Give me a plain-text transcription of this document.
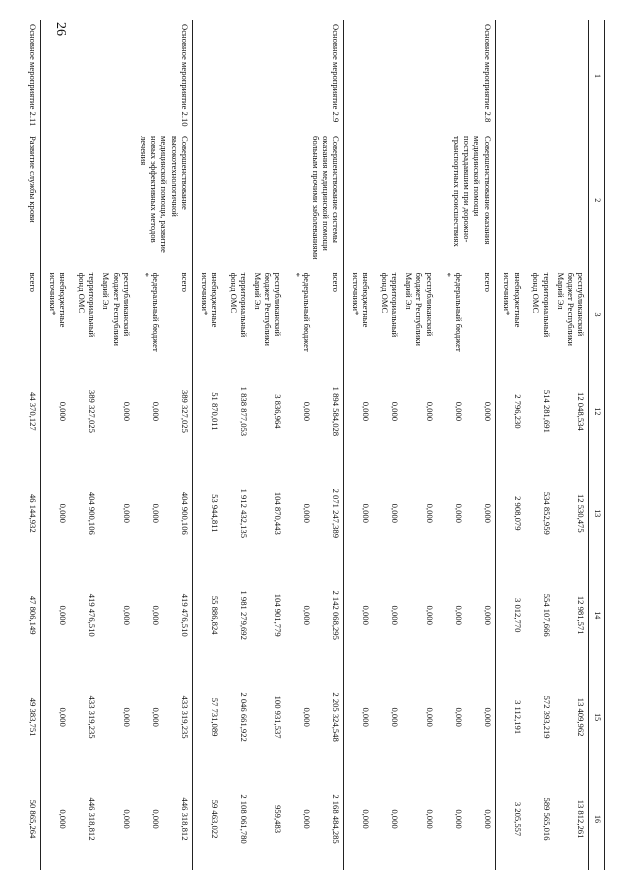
26
1	2	3	12	13	14	15	16
		республиканский бюджет Республики Марий Эл	12 048,534	12 530,475	12 981,571	13 409,962	13 812,261
		территориальный фонд ОМС	514 281,691	534 852,959	554 107,666	572 393,219	589 565,016
		внебюджетные источники*	2 796,230	2 908,079	3 012,770	3 112,191	3 205,557
Основное мероприятие 2.8	Совершенствование оказания медицинской помощи пострадавшим при дорожно-транспортных происшествиях	всего	0,000	0,000	0,000	0,000	0,000
		федеральный бюджет *	0,000	0,000	0,000	0,000	0,000
		республиканский бюджет Республики Марий Эл	0,000	0,000	0,000	0,000	0,000
		территориальный фонд ОМС	0,000	0,000	0,000	0,000	0,000
		внебюджетные источники*	0,000	0,000	0,000	0,000	0,000
Основное мероприятие 2.9	Совершенствование системы оказания медицинской помощи больным прочими заболеваниями	всего	1 894 584,028	2 071 247,389	2 142 068,295	2 205 324,548	2 168 484,285
		федеральный бюджет *	0,000	0,000	0,000	0,000	0,000
		республиканский бюджет Республики Марий Эл	3 836,964	104 870,443	104 901,779	100 931,537	959,483
		территориальный фонд ОМС	1 838 877,053	1 912 432,135	1 981 279,692	2 046 661,922	2 108 061,780
		внебюджетные источники*	51 870,011	53 944,811	55 886,824	57 731,089	59 463,022
Основное мероприятие 2.10	Совершенствование высокотехнологичной медицинской помощи, развитие новых эффективных методов лечения	всего	389 327,025	404 900,106	419 476,510	433 319,235	446 318,812
		федеральный бюджет *	0,000	0,000	0,000	0,000	0,000
		республиканский бюджет Республики Марий Эл	0,000	0,000	0,000	0,000	0,000
		территориальный фонд ОМС	389 327,025	404 900,106	419 476,510	433 319,235	446 318,812
		внебюджетные источники*	0,000	0,000	0,000	0,000	0,000
Основное мероприятие 2.11	Развитие службы крови	всего	44 370,127	46 144,932	47 806,149	49 383,751	50 865,264
